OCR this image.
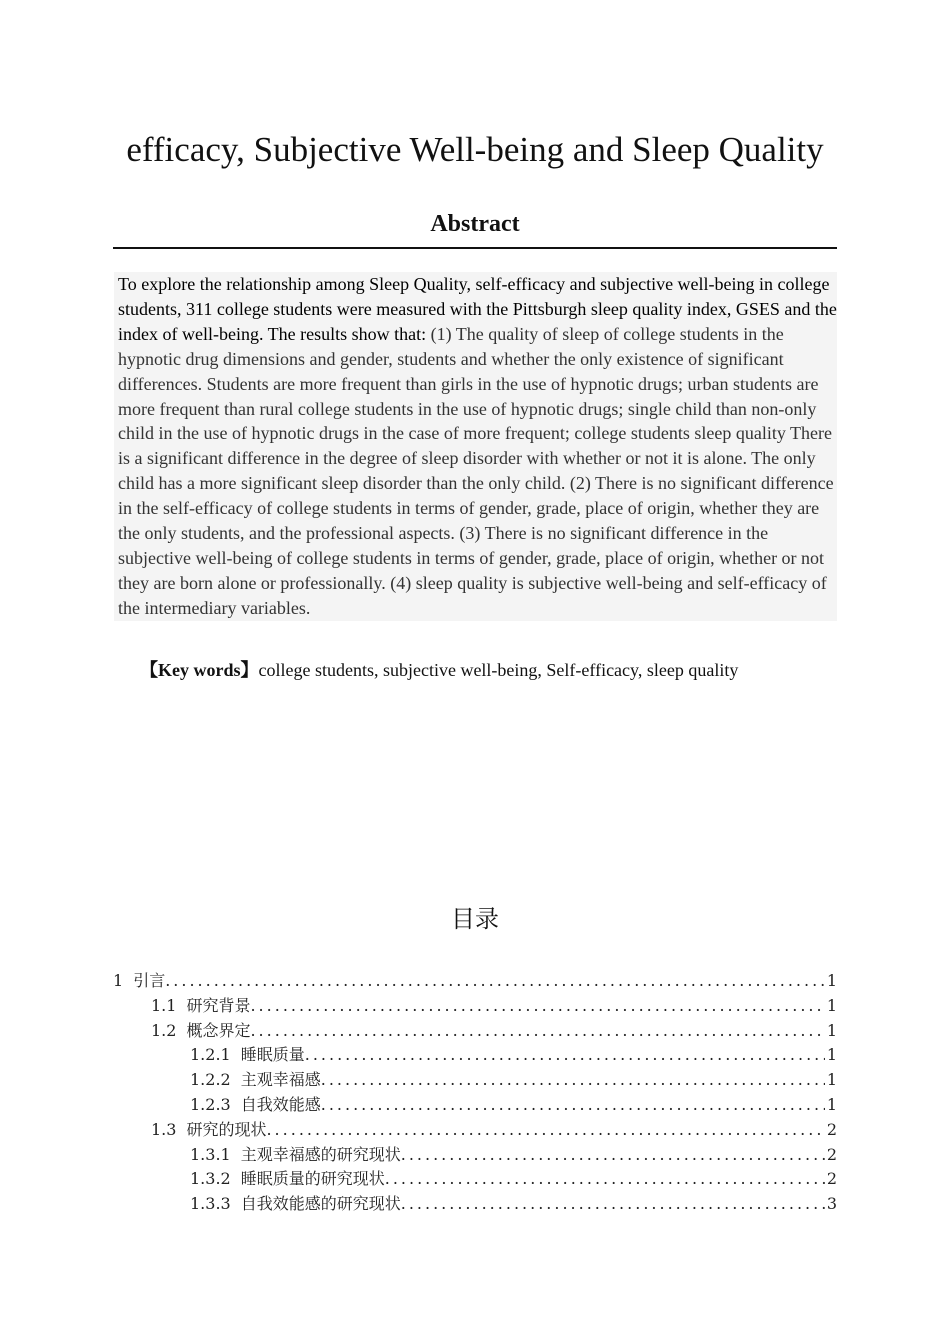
efficacy, Subjective Well-being and Sleep Quality
Abstract
To explore the relationship among Sleep Quality, self-efficacy and subjective well-being in college students, 311 college students were measured with the Pittsburgh sleep quality index, GSES and the index of well-being. The results show that: (1) The quality of sleep of college students in the hypnotic drug dimensions and gender, students and whether the only existence of significant differences. Students are more frequent than girls in the use of hypnotic drugs; urban students are more frequent than rural college students in the use of hypnotic drugs; single child than non-only child in the use of hypnotic drugs in the case of more frequent; college students sleep quality There is a significant difference in the degree of sleep disorder with whether or not it is alone. The only child has a more significant sleep disorder than the only child. (2) There is no significant difference in the self-efficacy of college students in terms of gender, grade, place of origin, whether they are the only students, and the professional aspects. (3) There is no significant difference in the subjective well-being of college students in terms of gender, grade, place of origin, whether or not they are born alone or professionally. (4) sleep quality is subjective well-being and self-efficacy of the intermediary variables.
【Key words】college students, subjective well-being, Self-efficacy, sleep quality
目录
1 引言 .....	1
1.1 研究背景 .....	1
1.2 概念界定 .....	1
1.2.1 睡眠质量 .....	1
1.2.2 主观幸福感 .....	1
1.2.3 自我效能感 .....	1
1.3 研究的现状 .....	2
1.3.1 主观幸福感的研究现状 .....	2
1.3.2 睡眠质量的研究现状 .....	2
1.3.3 自我效能感的研究现状 .....	3
